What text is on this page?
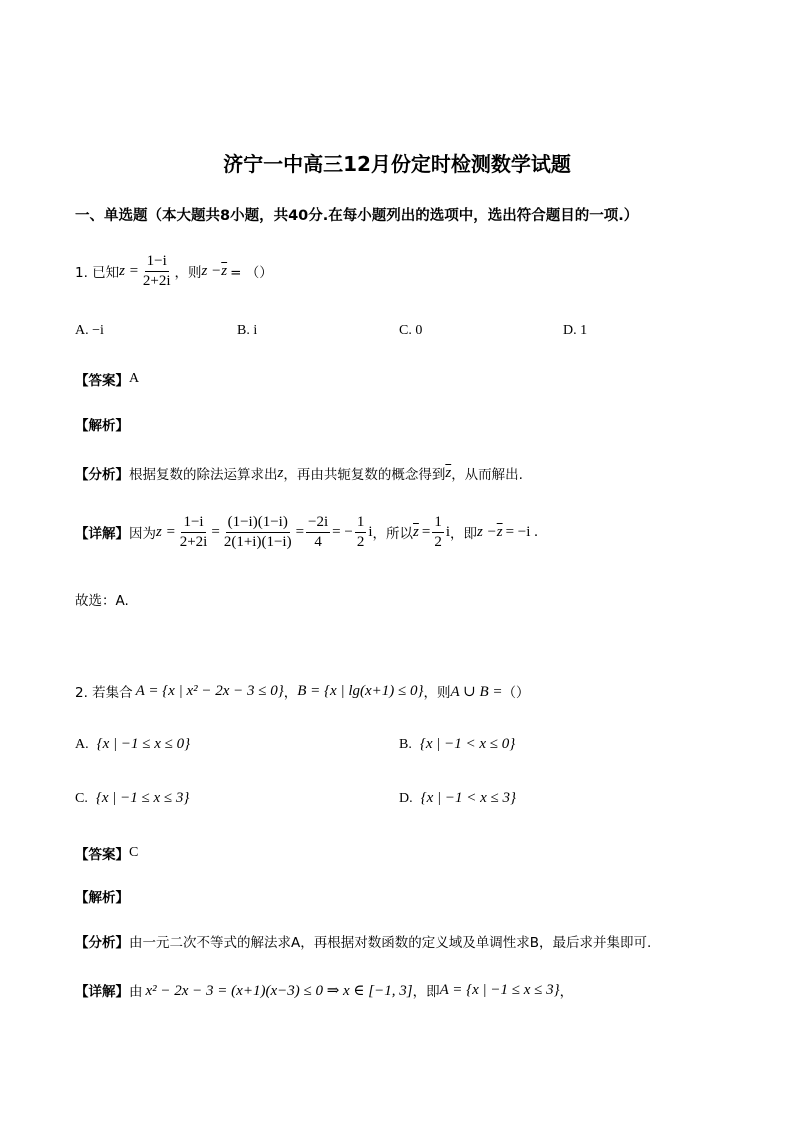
济宁一中高三12月份定时检测数学试题
一、单选题（本大题共8小题，共40分.在每小题列出的选项中，选出符合题目的一项.）
1. 已知 $z = \frac{1-i}{2+2i}$ ，则 $z - \overline{z}$ = （）
A. −i	B. i	C. 0	D. 1
【答案】 A
【解析】
【分析】 根据复数的除法运算求出 z ，再由共轭复数的概念得到 $\overline{z}$ ，从而解出.
【详解】 因为 $z = \frac{1-i}{2+2i} = \frac{(1-i)(1-i)}{2(1+i)(1-i)} = \frac{-2i}{4}$ = − $\frac{1}{2}$ i ，所以 $\overline{z} = \frac{1}{2}$ i ，即 $z - \overline{z} = -i$ .
故选：A.
2. 若集合 A = {x | x² − 2x − 3 ≤ 0} ， B = {x | lg(x+1) ≤ 0} ，则 A ∪ B = （）
A. {x | −1 ≤ x ≤ 0}	B. {x | −1 < x ≤ 0}
C. {x | −1 ≤ x ≤ 3}	D. {x | −1 < x ≤ 3}
【答案】 C
【解析】
【分析】 由一元二次不等式的解法求A，再根据对数函数的定义域及单调性求B，最后求并集即可.
【详解】 由 x² − 2x − 3 = (x+1)(x−3) ≤ 0 ⇒ x ∈ [−1, 3] ，即 A = {x | −1 ≤ x ≤ 3} ，
